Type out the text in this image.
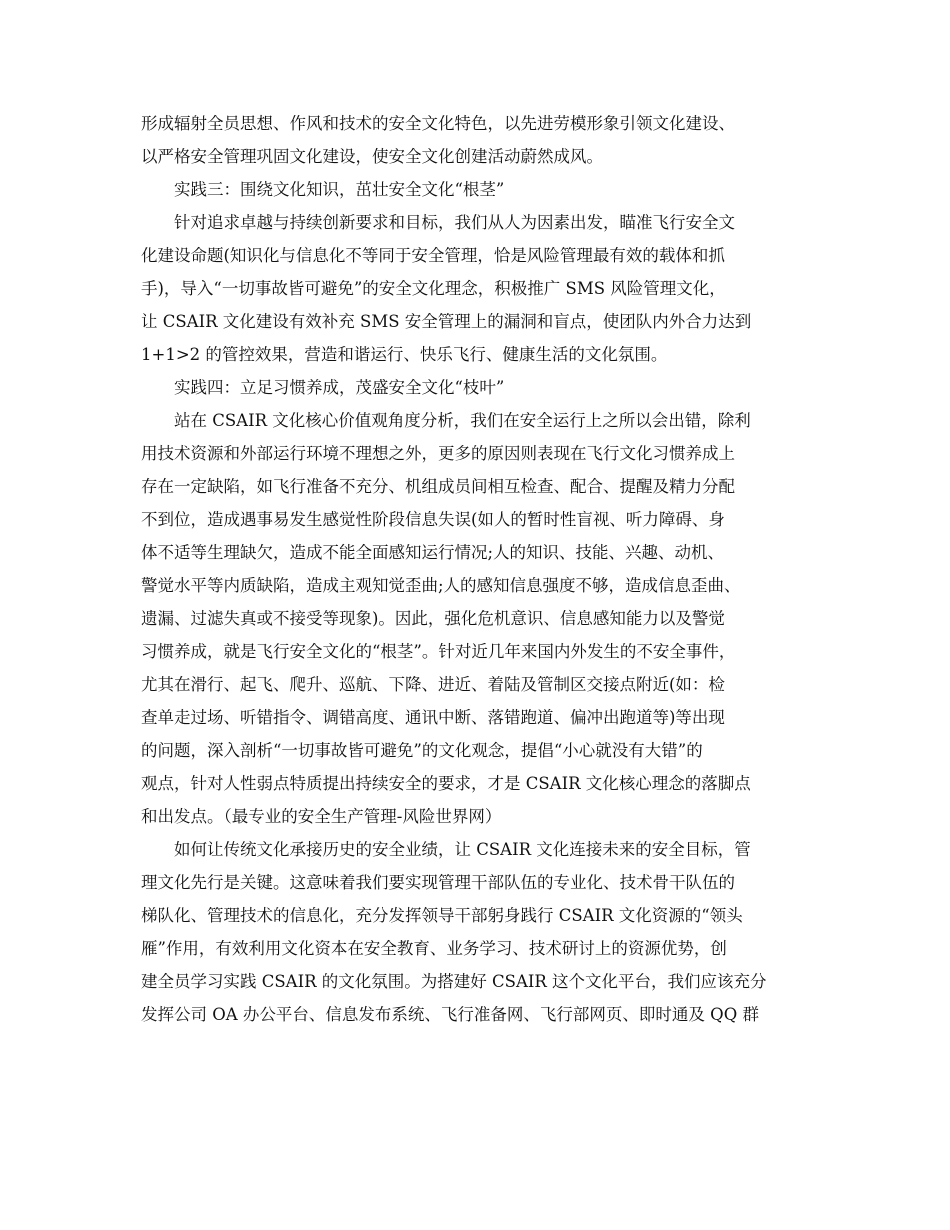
形成辐射全员思想、作风和技术的安全文化特色，以先进劳模形象引领文化建设、
以严格安全管理巩固文化建设，使安全文化创建活动蔚然成风。
实践三：围绕文化知识，茁壮安全文化“根茎”
针对追求卓越与持续创新要求和目标，我们从人为因素出发，瞄准飞行安全文
化建设命题(知识化与信息化不等同于安全管理，恰是风险管理最有效的载体和抓
手)，导入“一切事故皆可避免”的安全文化理念，积极推广 SMS 风险管理文化，
让 CSAIR 文化建设有效补充 SMS 安全管理上的漏洞和盲点，使团队内外合力达到
1+1>2 的管控效果，营造和谐运行、快乐飞行、健康生活的文化氛围。
实践四：立足习惯养成，茂盛安全文化“枝叶”
站在 CSAIR 文化核心价值观角度分析，我们在安全运行上之所以会出错，除利
用技术资源和外部运行环境不理想之外，更多的原因则表现在飞行文化习惯养成上
存在一定缺陷，如飞行准备不充分、机组成员间相互检查、配合、提醒及精力分配
不到位，造成遇事易发生感觉性阶段信息失误(如人的暂时性盲视、听力障碍、身
体不适等生理缺欠，造成不能全面感知运行情况;人的知识、技能、兴趣、动机、
警觉水平等内质缺陷，造成主观知觉歪曲;人的感知信息强度不够，造成信息歪曲、
遗漏、过滤失真或不接受等现象)。因此，强化危机意识、信息感知能力以及警觉
习惯养成，就是飞行安全文化的“根茎”。针对近几年来国内外发生的不安全事件，
尤其在滑行、起飞、爬升、巡航、下降、进近、着陆及管制区交接点附近(如：检
查单走过场、听错指令、调错高度、通讯中断、落错跑道、偏冲出跑道等)等出现
的问题，深入剖析“一切事故皆可避免”的文化观念，提倡“小心就没有大错”的
观点，针对人性弱点特质提出持续安全的要求，才是 CSAIR 文化核心理念的落脚点
和出发点。（最专业的安全生产管理-风险世界网）
如何让传统文化承接历史的安全业绩，让 CSAIR 文化连接未来的安全目标，管
理文化先行是关键。这意味着我们要实现管理干部队伍的专业化、技术骨干队伍的
梯队化、管理技术的信息化，充分发挥领导干部躬身践行 CSAIR 文化资源的“领头
雁”作用，有效利用文化资本在安全教育、业务学习、技术研讨上的资源优势，创
建全员学习实践 CSAIR 的文化氛围。为搭建好 CSAIR 这个文化平台，我们应该充分
发挥公司 OA 办公平台、信息发布系统、飞行准备网、飞行部网页、即时通及 QQ 群
